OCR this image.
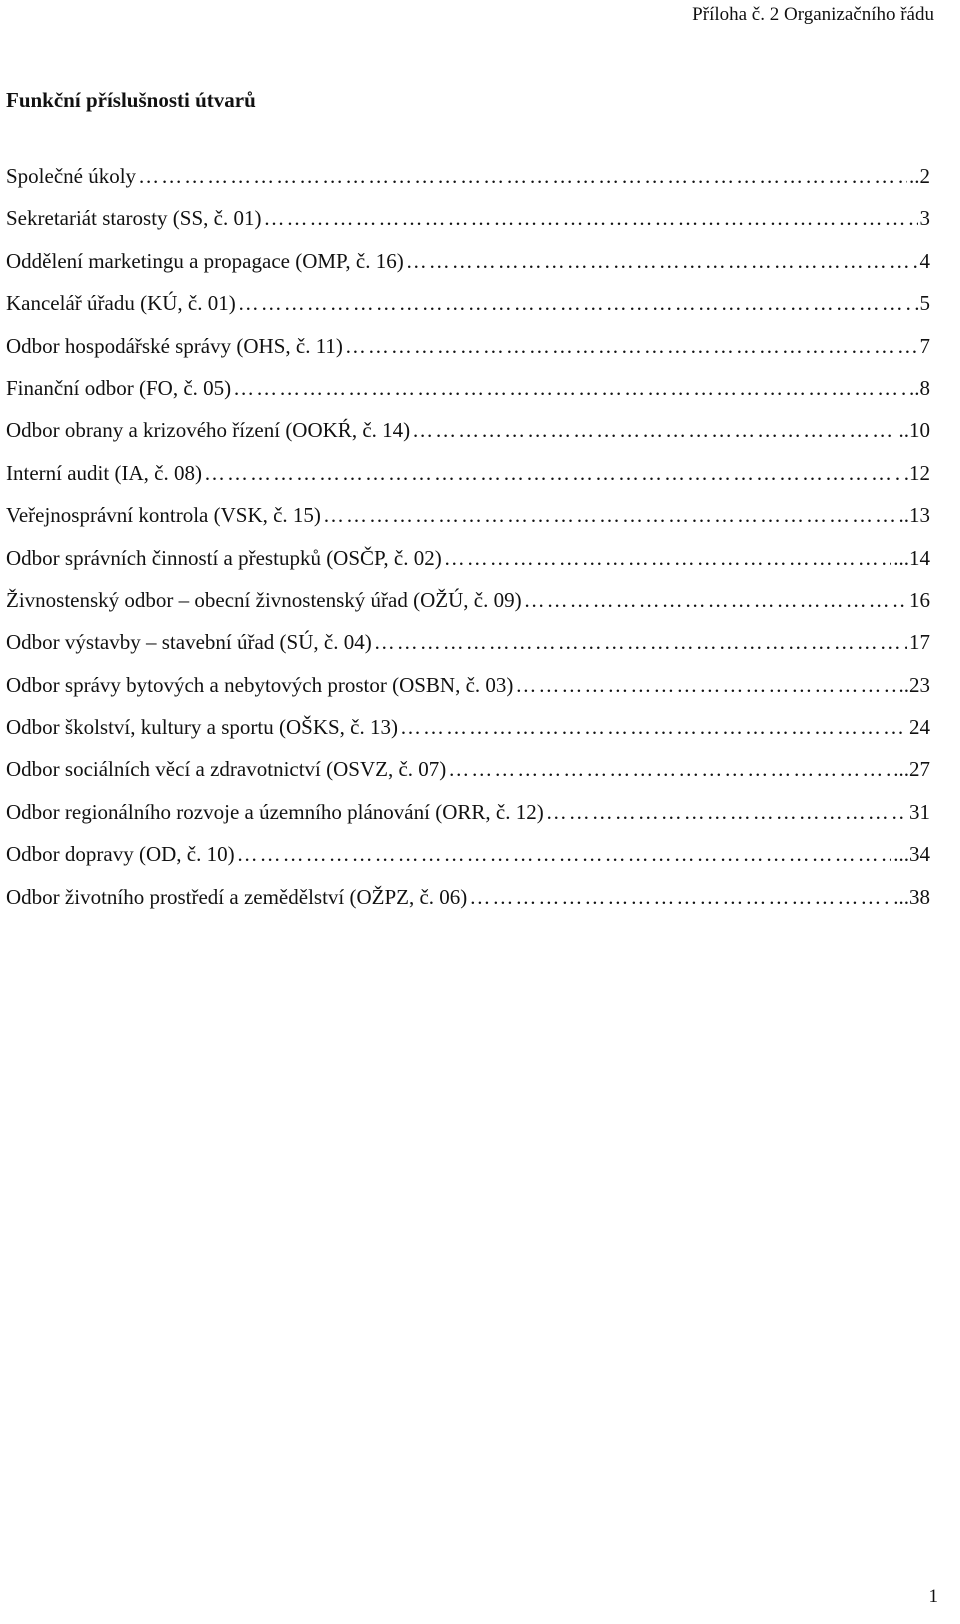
Příloha č. 2 Organizačního řádu
Funkční příslušnosti útvarů
Společné úkoly …………………………………………………………………………………………………………………………………………………………………………………………	..2
Sekretariát starosty (SS, č. 01) …………………………………………………………………………………………………………………………………………………………………………………………	3
Oddělení marketingu a propagace (OMP, č. 16) …………………………………………………………………………………………………………………………………………………………………………………………	4
Kancelář úřadu (KÚ, č. 01) …………………………………………………………………………………………………………………………………………………………………………………………	.5
Odbor hospodářské správy (OHS, č. 11) …………………………………………………………………………………………………………………………………………………………………………………………	7
Finanční odbor (FO, č. 05) …………………………………………………………………………………………………………………………………………………………………………………………	..8
Odbor obrany a krizového řízení (OOKŔ, č. 14) …………………………………………………………………………………………………………………………………………………………………………………………	..10
Interní audit (IA, č. 08) …………………………………………………………………………………………………………………………………………………………………………………………	.12
Veřejnosprávní kontrola (VSK, č. 15) …………………………………………………………………………………………………………………………………………………………………………………………	..13
Odbor správních činností a přestupků (OSČP, č. 02) …………………………………………………………………………………………………………………………………………………………………………………………	...14
Živnostenský odbor – obecní živnostenský úřad (OŽÚ, č. 09) …………………………………………………………………………………………………………………………………………………………………………………………	16
Odbor výstavby – stavební úřad (SÚ, č. 04) …………………………………………………………………………………………………………………………………………………………………………………………	17
Odbor správy bytových a nebytových prostor (OSBN, č. 03) …………………………………………………………………………………………………………………………………………………………………………………………	..23
Odbor školství, kultury a sportu (OŠKS, č. 13) …………………………………………………………………………………………………………………………………………………………………………………………	24
Odbor sociálních věcí a zdravotnictví (OSVZ, č. 07) …………………………………………………………………………………………………………………………………………………………………………………………	...27
Odbor regionálního rozvoje a územního plánování (ORR, č. 12) …………………………………………………………………………………………………………………………………………………………………………………………	31
Odbor dopravy (OD, č. 10) …………………………………………………………………………………………………………………………………………………………………………………………	...34
Odbor životního prostředí a zemědělství (OŽPZ, č. 06) …………………………………………………………………………………………………………………………………………………………………………………………	...38
1
